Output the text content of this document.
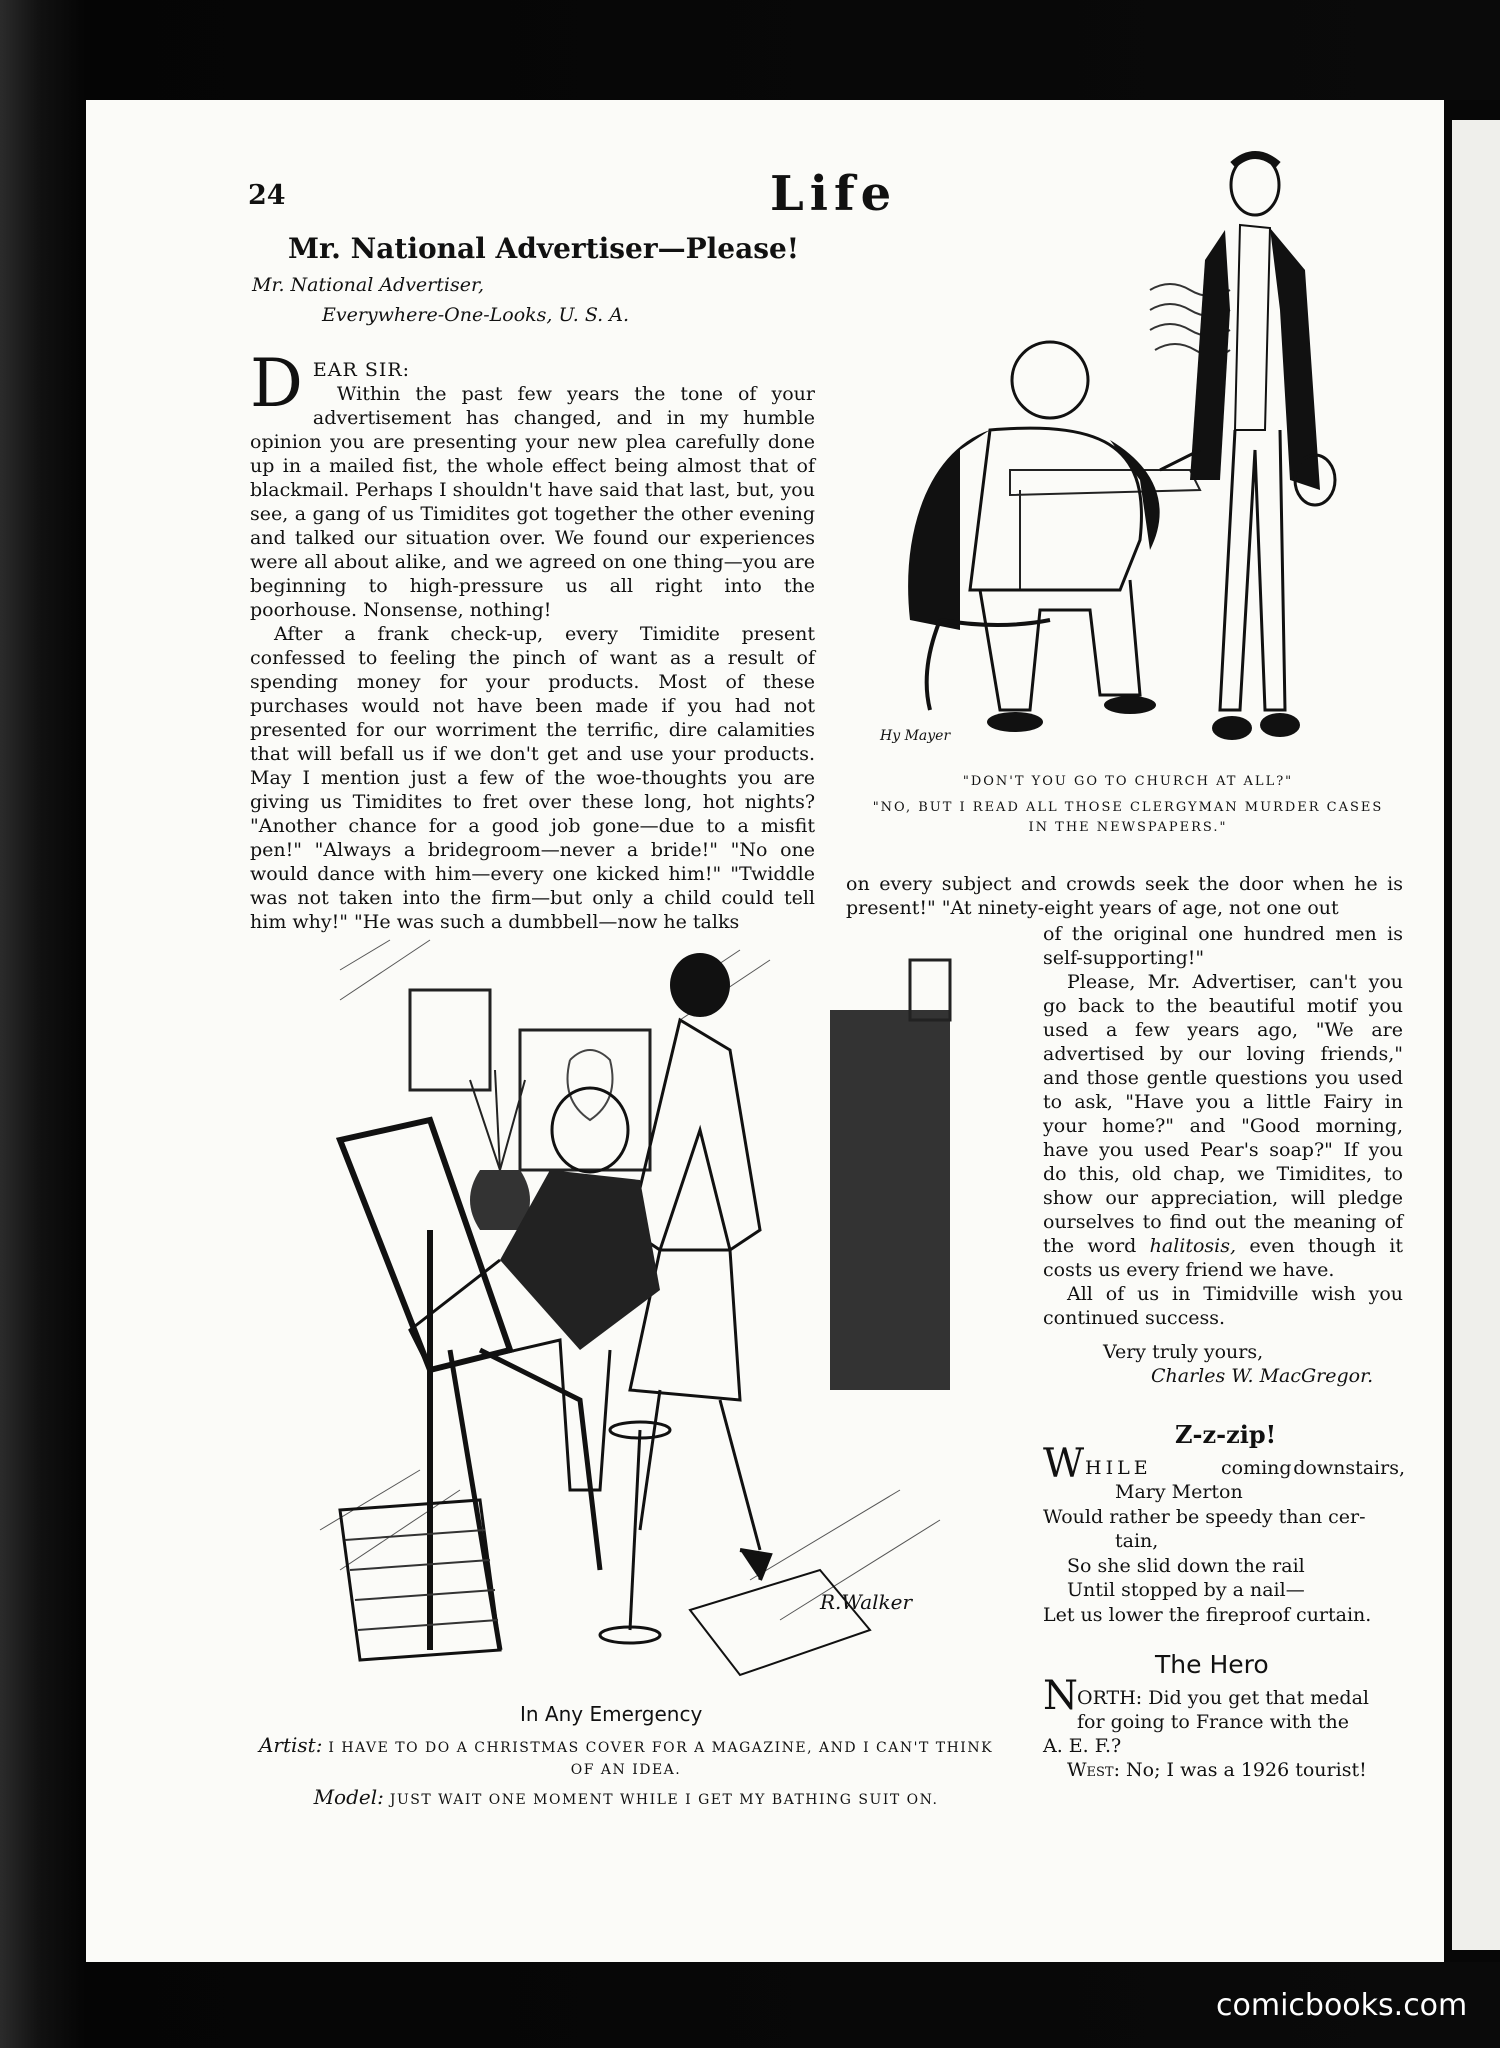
24	Life
Mr. National Advertiser—Please!
Mr. National Advertiser,
Everywhere-One-Looks, U. S. A.
D EAR SIR:

Within the past few years the tone of your advertisement has changed, and in my humble opinion you are presenting your new plea carefully done up in a mailed fist, the whole effect being almost that of blackmail. Perhaps I shouldn't have said that last, but, you see, a gang of us Timidites got together the other evening and talked our situation over. We found our experiences were all about alike, and we agreed on one thing—you are beginning to high-pressure us all right into the poorhouse. Nonsense, nothing!

After a frank check-up, every Timidite present confessed to feeling the pinch of want as a result of spending money for your products. Most of these purchases would not have been made if you had not presented for our worriment the terrific, dire calamities that will befall us if we don't get and use your products. May I mention just a few of the woe-thoughts you are giving us Timidites to fret over these long, hot nights? "Another chance for a good job gone—due to a misfit pen!" "Always a bridegroom—never a bride!" "No one would dance with him—every one kicked him!" "Twiddle was not taken into the firm—but only a child could tell him why!" "He was such a dumbbell—now he talks

Hy Mayer
"DON'T YOU GO TO CHURCH AT ALL?"
"NO, BUT I READ ALL THOSE CLERGYMAN MURDER CASES
IN THE NEWSPAPERS."
on every subject and crowds seek the door when he is present!" "At ninety-eight years of age, not one out

of the original one hundred men is self-supporting!"

Please, Mr. Advertiser, can't you go back to the beautiful motif you used a few years ago, "We are advertised by our loving friends," and those gentle questions you used to ask, "Have you a little Fairy in your home?" and "Good morning, have you used Pear's soap?" If you do this, old chap, we Timidites, to show our appreciation, will pledge ourselves to find out the meaning of the word halitosis, even though it costs us every friend we have.

All of us in Timidville wish you continued success.

Very truly yours,

Charles W. MacGregor.

R.Walker
In Any Emergency
Artist: I HAVE TO DO A CHRISTMAS COVER FOR A MAGAZINE, AND I CAN'T THINK OF AN IDEA.
Model: JUST WAIT ONE MOMENT WHILE I GET MY BATHING SUIT ON.
Z-z-zip!
W HILE	coming downstairs,
Mary Merton
Would rather be speedy than cer-
tain,
So she slid down the rail
Until stopped by a nail—
Let us lower the fireproof curtain.
The Hero
N ORTH: Did you get that medal
for going to France with the
A. E. F.?
West: No; I was a 1926 tourist!
comicbooks.com
